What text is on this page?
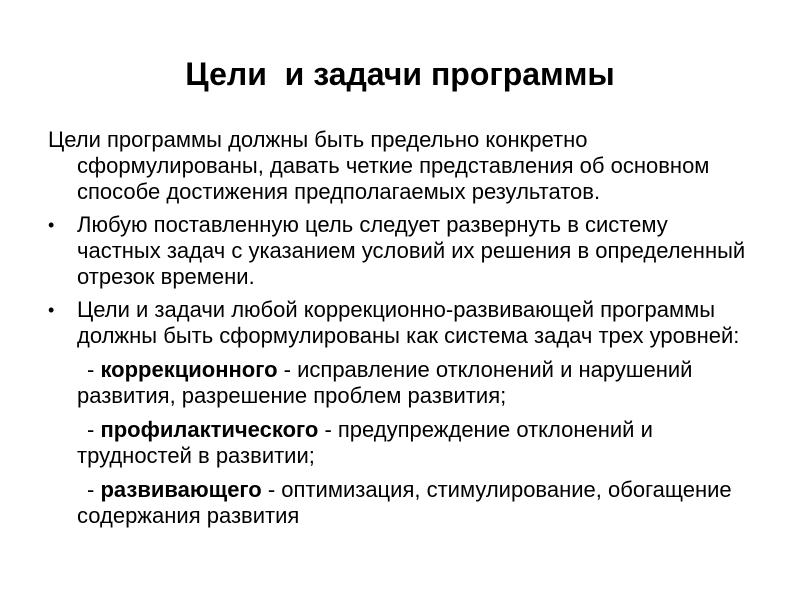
Цели  и задачи программы

Цели программы должны быть предельно конкретно сформулированы, давать четкие представления об основном способе достижения предполагаемых результатов.

• Любую поставленную цель следует развернуть в систему частных задач с указанием условий их решения в определенный отрезок времени.
• Цели и задачи любой коррекционно-развивающей программы должны быть сформулированы как система задач трех уровней:
- коррекционного - исправление отклонений и нарушений развития, разрешение проблем развития;
- профилактического - предупреждение отклонений и трудностей в развитии;
- развивающего - оптимизация, стимулирование, обогащение содержания развития
